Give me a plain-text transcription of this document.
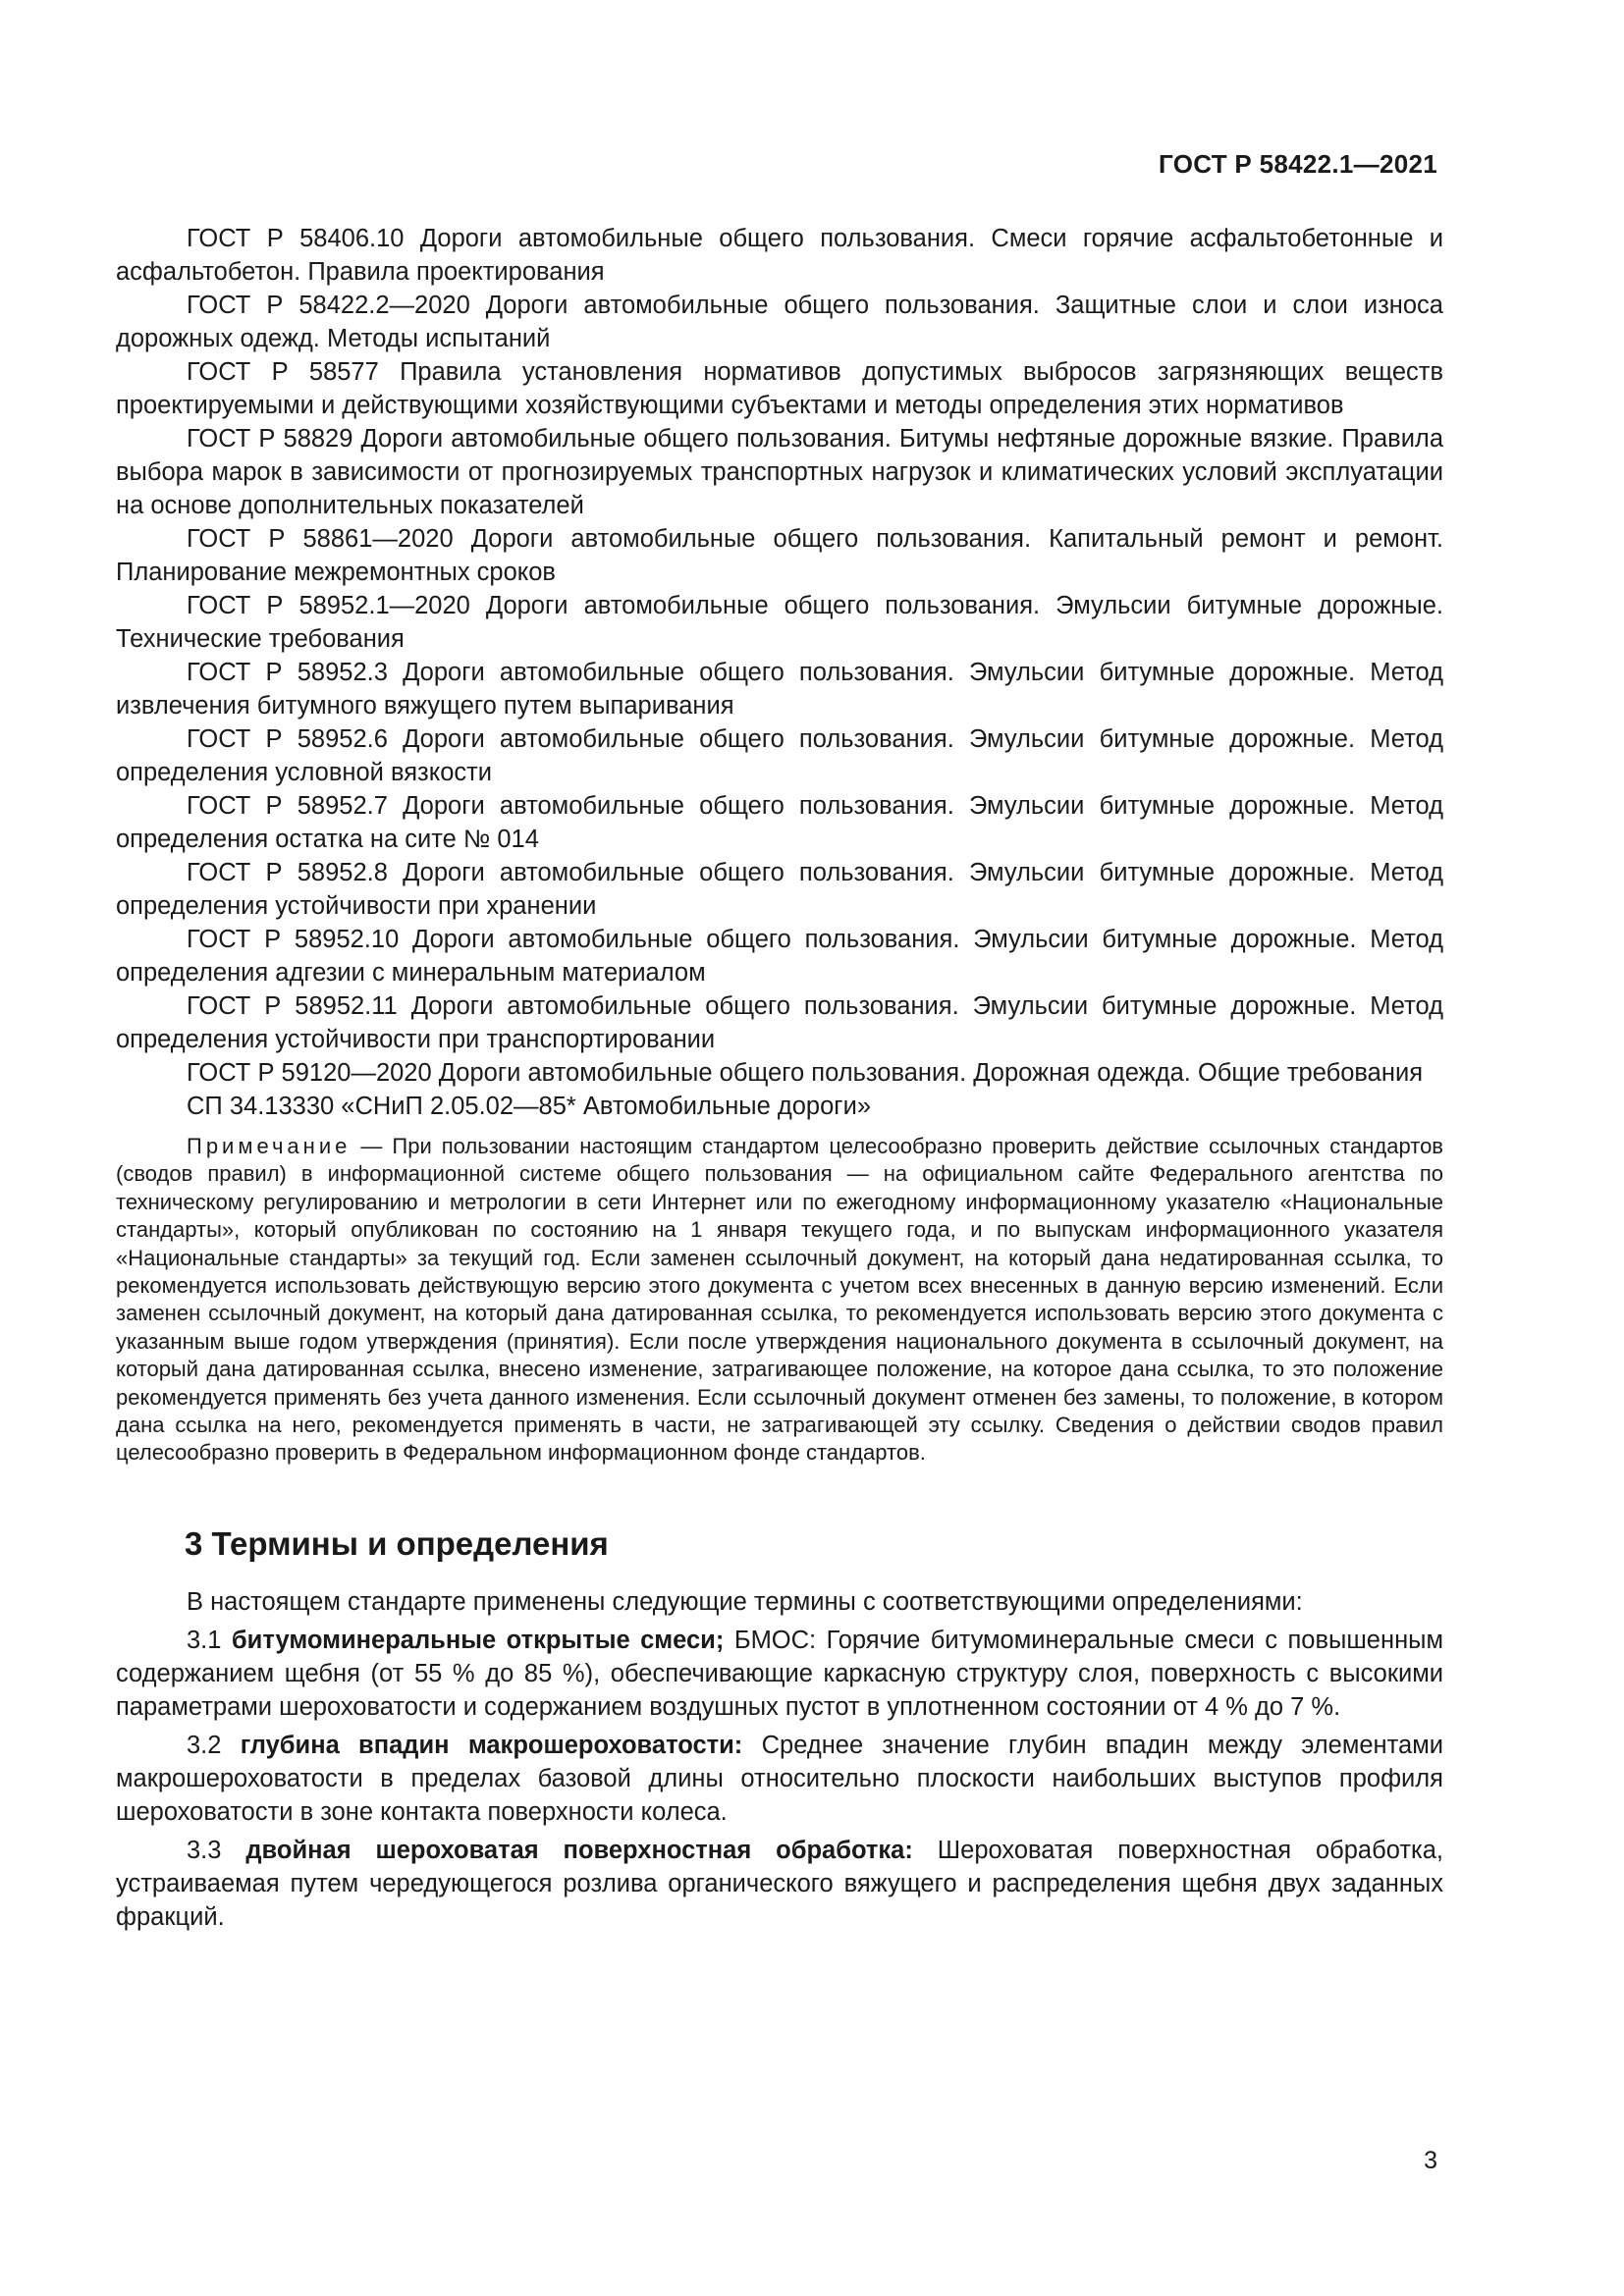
ГОСТ Р 58422.1—2021

ГОСТ Р 58406.10 Дороги автомобильные общего пользования. Смеси горячие асфальтобетонные и асфальтобетон. Правила проектирования

ГОСТ Р 58422.2—2020 Дороги автомобильные общего пользования. Защитные слои и слои износа дорожных одежд. Методы испытаний

ГОСТ Р 58577 Правила установления нормативов допустимых выбросов загрязняющих веществ проектируемыми и действующими хозяйствующими субъектами и методы определения этих нормативов

ГОСТ Р 58829 Дороги автомобильные общего пользования. Битумы нефтяные дорожные вязкие. Правила выбора марок в зависимости от прогнозируемых транспортных нагрузок и климатических условий эксплуатации на основе дополнительных показателей

ГОСТ Р 58861—2020 Дороги автомобильные общего пользования. Капитальный ремонт и ремонт. Планирование межремонтных сроков

ГОСТ Р 58952.1—2020 Дороги автомобильные общего пользования. Эмульсии битумные дорожные. Технические требования

ГОСТ Р 58952.3 Дороги автомобильные общего пользования. Эмульсии битумные дорожные. Метод извлечения битумного вяжущего путем выпаривания

ГОСТ Р 58952.6 Дороги автомобильные общего пользования. Эмульсии битумные дорожные. Метод определения условной вязкости

ГОСТ Р 58952.7 Дороги автомобильные общего пользования. Эмульсии битумные дорожные. Метод определения остатка на сите № 014

ГОСТ Р 58952.8 Дороги автомобильные общего пользования. Эмульсии битумные дорожные. Метод определения устойчивости при хранении

ГОСТ Р 58952.10 Дороги автомобильные общего пользования. Эмульсии битумные дорожные. Метод определения адгезии с минеральным материалом

ГОСТ Р 58952.11 Дороги автомобильные общего пользования. Эмульсии битумные дорожные. Метод определения устойчивости при транспортировании

ГОСТ Р 59120—2020 Дороги автомобильные общего пользования. Дорожная одежда. Общие требования

СП 34.13330 «СНиП 2.05.02—85* Автомобильные дороги»

Примечание — При пользовании настоящим стандартом целесообразно проверить действие ссылочных стандартов (сводов правил) в информационной системе общего пользования — на официальном сайте Федерального агентства по техническому регулированию и метрологии в сети Интернет или по ежегодному информационному указателю «Национальные стандарты», который опубликован по состоянию на 1 января текущего года, и по выпускам информационного указателя «Национальные стандарты» за текущий год. Если заменен ссылочный документ, на который дана недатированная ссылка, то рекомендуется использовать действующую версию этого документа с учетом всех внесенных в данную версию изменений. Если заменен ссылочный документ, на который дана датированная ссылка, то рекомендуется использовать версию этого документа с указанным выше годом утверждения (принятия). Если после утверждения национального документа в ссылочный документ, на который дана датированная ссылка, внесено изменение, затрагивающее положение, на которое дана ссылка, то это положение рекомендуется применять без учета данного изменения. Если ссылочный документ отменен без замены, то положение, в котором дана ссылка на него, рекомендуется применять в части, не затрагивающей эту ссылку. Сведения о действии сводов правил целесообразно проверить в Федеральном информационном фонде стандартов.
3 Термины и определения

В настоящем стандарте применены следующие термины с соответствующими определениями:

3.1 битумоминеральные открытые смеси; БМОС: Горячие битумоминеральные смеси с повышенным содержанием щебня (от 55 % до 85 %), обеспечивающие каркасную структуру слоя, поверхность с высокими параметрами шероховатости и содержанием воздушных пустот в уплотненном состоянии от 4 % до 7 %.

3.2 глубина впадин макрошероховатости: Среднее значение глубин впадин между элементами макрошероховатости в пределах базовой длины относительно плоскости наибольших выступов профиля шероховатости в зоне контакта поверхности колеса.

3.3 двойная шероховатая поверхностная обработка: Шероховатая поверхностная обработка, устраиваемая путем чередующегося розлива органического вяжущего и распределения щебня двух заданных фракций.

3
